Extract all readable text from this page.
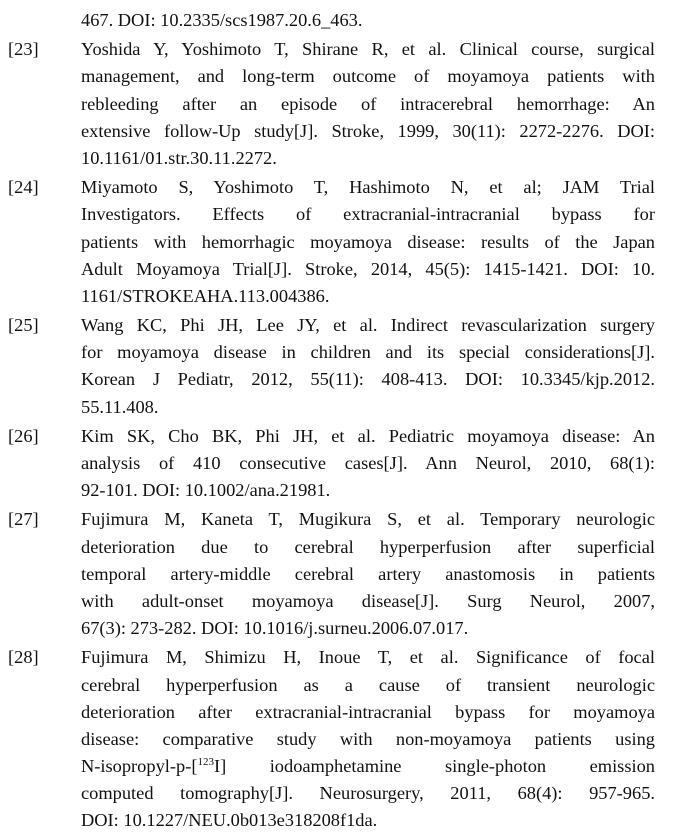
467. DOI: 10.2335/scs1987.20.6_463.
[23] Yoshida Y, Yoshimoto T, Shirane R, et al. Clinical course, surgical
management, and long-term outcome of moyamoya patients with
rebleeding after an episode of intracerebral hemorrhage: An
extensive follow-Up study[J]. Stroke, 1999, 30(11): 2272-2276. DOI:
10.1161/01.str.30.11.2272.
[24] Miyamoto S, Yoshimoto T, Hashimoto N, et al; JAM Trial
Investigators. Effects of extracranial-intracranial bypass for
patients with hemorrhagic moyamoya disease: results of the Japan
Adult Moyamoya Trial[J]. Stroke, 2014, 45(5): 1415-1421. DOI: 10.
1161/STROKEAHA.113.004386.
[25] Wang KC, Phi JH, Lee JY, et al. Indirect revascularization surgery
for moyamoya disease in children and its special considerations[J].
Korean J Pediatr, 2012, 55(11): 408-413. DOI: 10.3345/kjp.2012.
55.11.408.
[26] Kim SK, Cho BK, Phi JH, et al. Pediatric moyamoya disease: An
analysis of 410 consecutive cases[J]. Ann Neurol, 2010, 68(1):
92-101. DOI: 10.1002/ana.21981.
[27] Fujimura M, Kaneta T, Mugikura S, et al. Temporary neurologic
deterioration due to cerebral hyperperfusion after superficial
temporal artery-middle cerebral artery anastomosis in patients
with adult-onset moyamoya disease[J]. Surg Neurol, 2007,
67(3): 273-282. DOI: 10.1016/j.surneu.2006.07.017.
[28] Fujimura M, Shimizu H, Inoue T, et al. Significance of focal
cerebral hyperperfusion as a cause of transient neurologic
deterioration after extracranial-intracranial bypass for moyamoya
disease: comparative study with non-moyamoya patients using
N-isopropyl-p-[$^{123}$I] iodoamphetamine single-photon emission
computed tomography[J]. Neurosurgery, 2011, 68(4): 957-965.
DOI: 10.1227/NEU.0b013e318208f1da.
